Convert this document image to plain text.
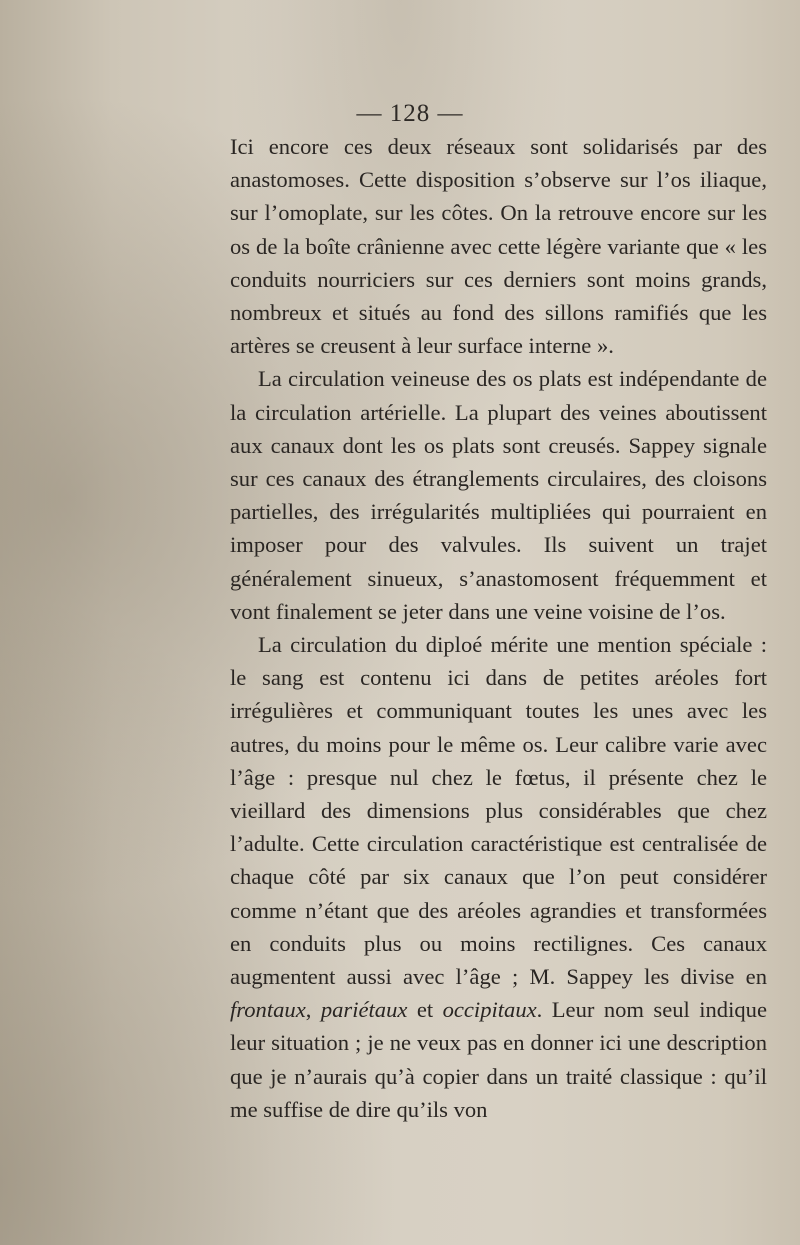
— 128 —

Ici encore ces deux réseaux sont solidarisés par des anastomoses. Cette disposition s’observe sur l’os iliaque, sur l’omoplate, sur les côtes. On la retrouve encore sur les os de la boîte crânienne avec cette légère variante que « les conduits nourriciers sur ces derniers sont moins grands, nombreux et situés au fond des sillons ramifiés que les artères se creusent à leur surface interne ».

La circulation veineuse des os plats est indépendante de la circulation artérielle. La plupart des veines aboutissent aux canaux dont les os plats sont creusés. Sappey signale sur ces canaux des étranglements circulaires, des cloisons partielles, des irrégularités multipliées qui pourraient en imposer pour des valvules. Ils suivent un trajet généralement sinueux, s’anastomosent fréquemment et vont finalement se jeter dans une veine voisine de l’os.

La circulation du diploé mérite une mention spéciale : le sang est contenu ici dans de petites aréoles fort irrégulières et communiquant toutes les unes avec les autres, du moins pour le même os. Leur calibre varie avec l’âge : presque nul chez le fœtus, il présente chez le vieillard des dimensions plus considérables que chez l’adulte. Cette circulation caractéristique est centralisée de chaque côté par six canaux que l’on peut considérer comme n’étant que des aréoles agrandies et transformées en conduits plus ou moins rectilignes. Ces canaux augmentent aussi avec l’âge ; M. Sappey les divise en frontaux, pariétaux et occipitaux. Leur nom seul indique leur situation ; je ne veux pas en donner ici une description que je n’aurais qu’à copier dans un traité classique : qu’il me suffise de dire qu’ils von
